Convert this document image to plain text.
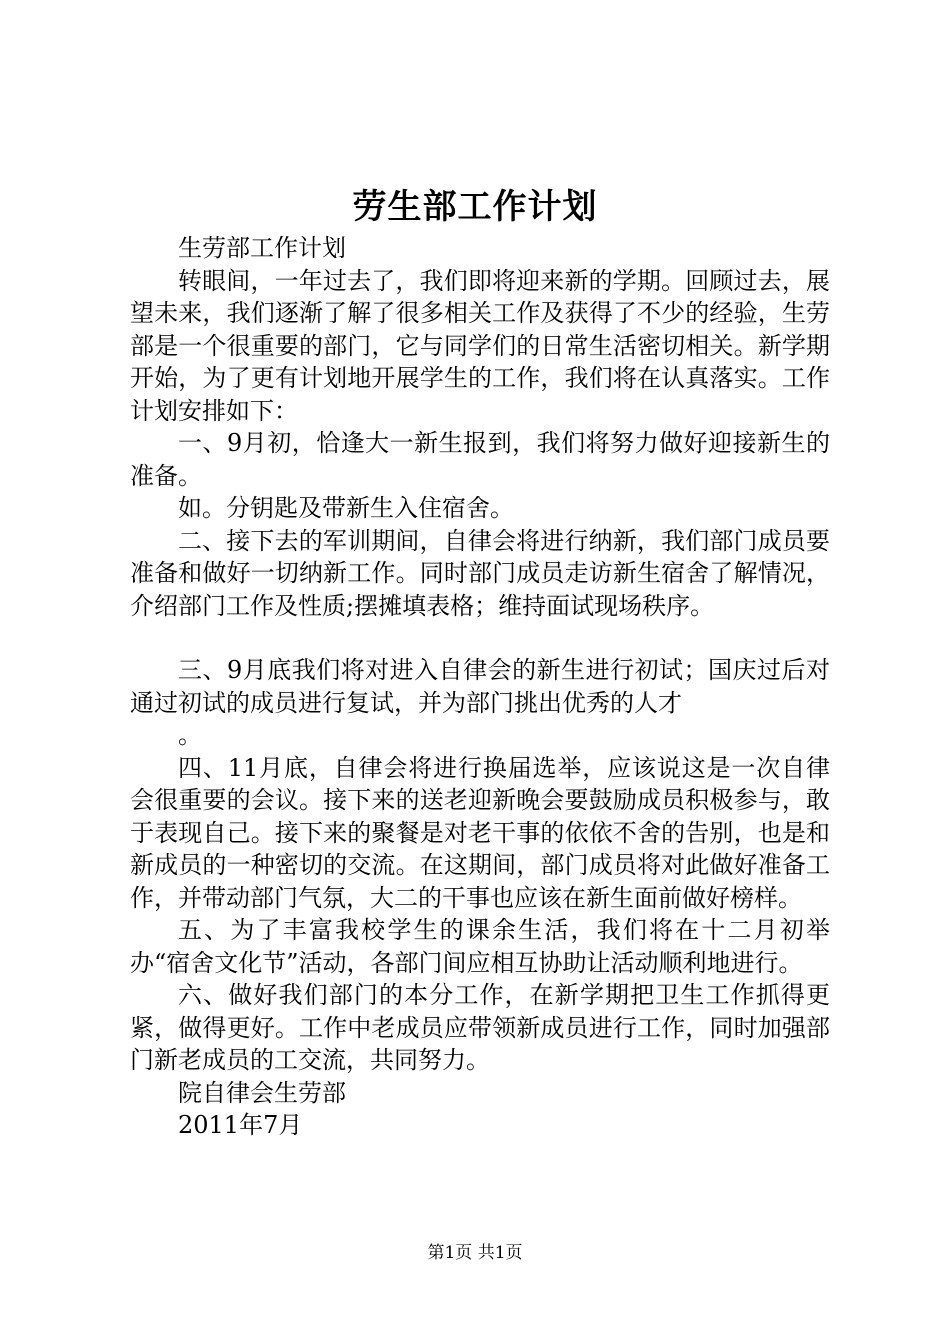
劳生部工作计划

生劳部工作计划

转眼间，一年过去了，我们即将迎来新的学期。回顾过去，展望未来，我们逐渐了解了很多相关工作及获得了不少的经验，生劳部是一个很重要的部门，它与同学们的日常生活密切相关。新学期开始，为了更有计划地开展学生的工作，我们将在认真落实。工作计划安排如下：

一、9月初，恰逢大一新生报到，我们将努力做好迎接新生的准备。

如。分钥匙及带新生入住宿舍。

二、接下去的军训期间，自律会将进行纳新，我们部门成员要准备和做好一切纳新工作。同时部门成员走访新生宿舍了解情况，介绍部门工作及性质;摆摊填表格；维持面试现场秩序。

三、9月底我们将对进入自律会的新生进行初试；国庆过后对通过初试的成员进行复试，并为部门挑出优秀的人才

。

四、11月底，自律会将进行换届选举，应该说这是一次自律会很重要的会议。接下来的送老迎新晚会要鼓励成员积极参与，敢于表现自己。接下来的聚餐是对老干事的依依不舍的告别，也是和新成员的一种密切的交流。在这期间，部门成员将对此做好准备工作，并带动部门气氛，大二的干事也应该在新生面前做好榜样。

五、为了丰富我校学生的课余生活，我们将在十二月初举办“宿舍文化节”活动，各部门间应相互协助让活动顺利地进行。

六、做好我们部门的本分工作，在新学期把卫生工作抓得更紧，做得更好。工作中老成员应带领新成员进行工作，同时加强部门新老成员的工交流，共同努力。

院自律会生劳部

2011年7月

第1页 共1页
